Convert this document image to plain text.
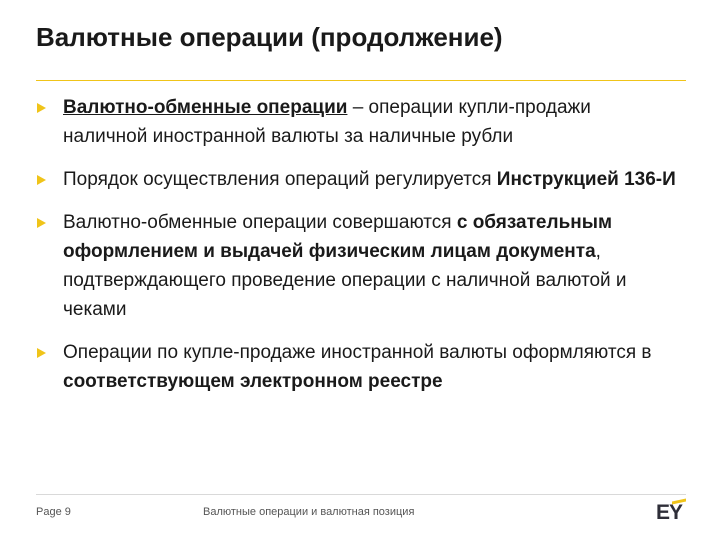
Валютные операции (продолжение)
Валютно-обменные операции – операции купли-продажи наличной иностранной валюты за наличные рубли
Порядок осуществления операций регулируется Инструкцией 136-И
Валютно-обменные операции совершаются с обязательным оформлением и выдачей физическим лицам документа, подтверждающего проведение операции с наличной валютой и чеками
Операции по купле-продаже иностранной валюты оформляются в соответствующем электронном реестре
Page 9	Валютные операции и валютная позиция	EY
